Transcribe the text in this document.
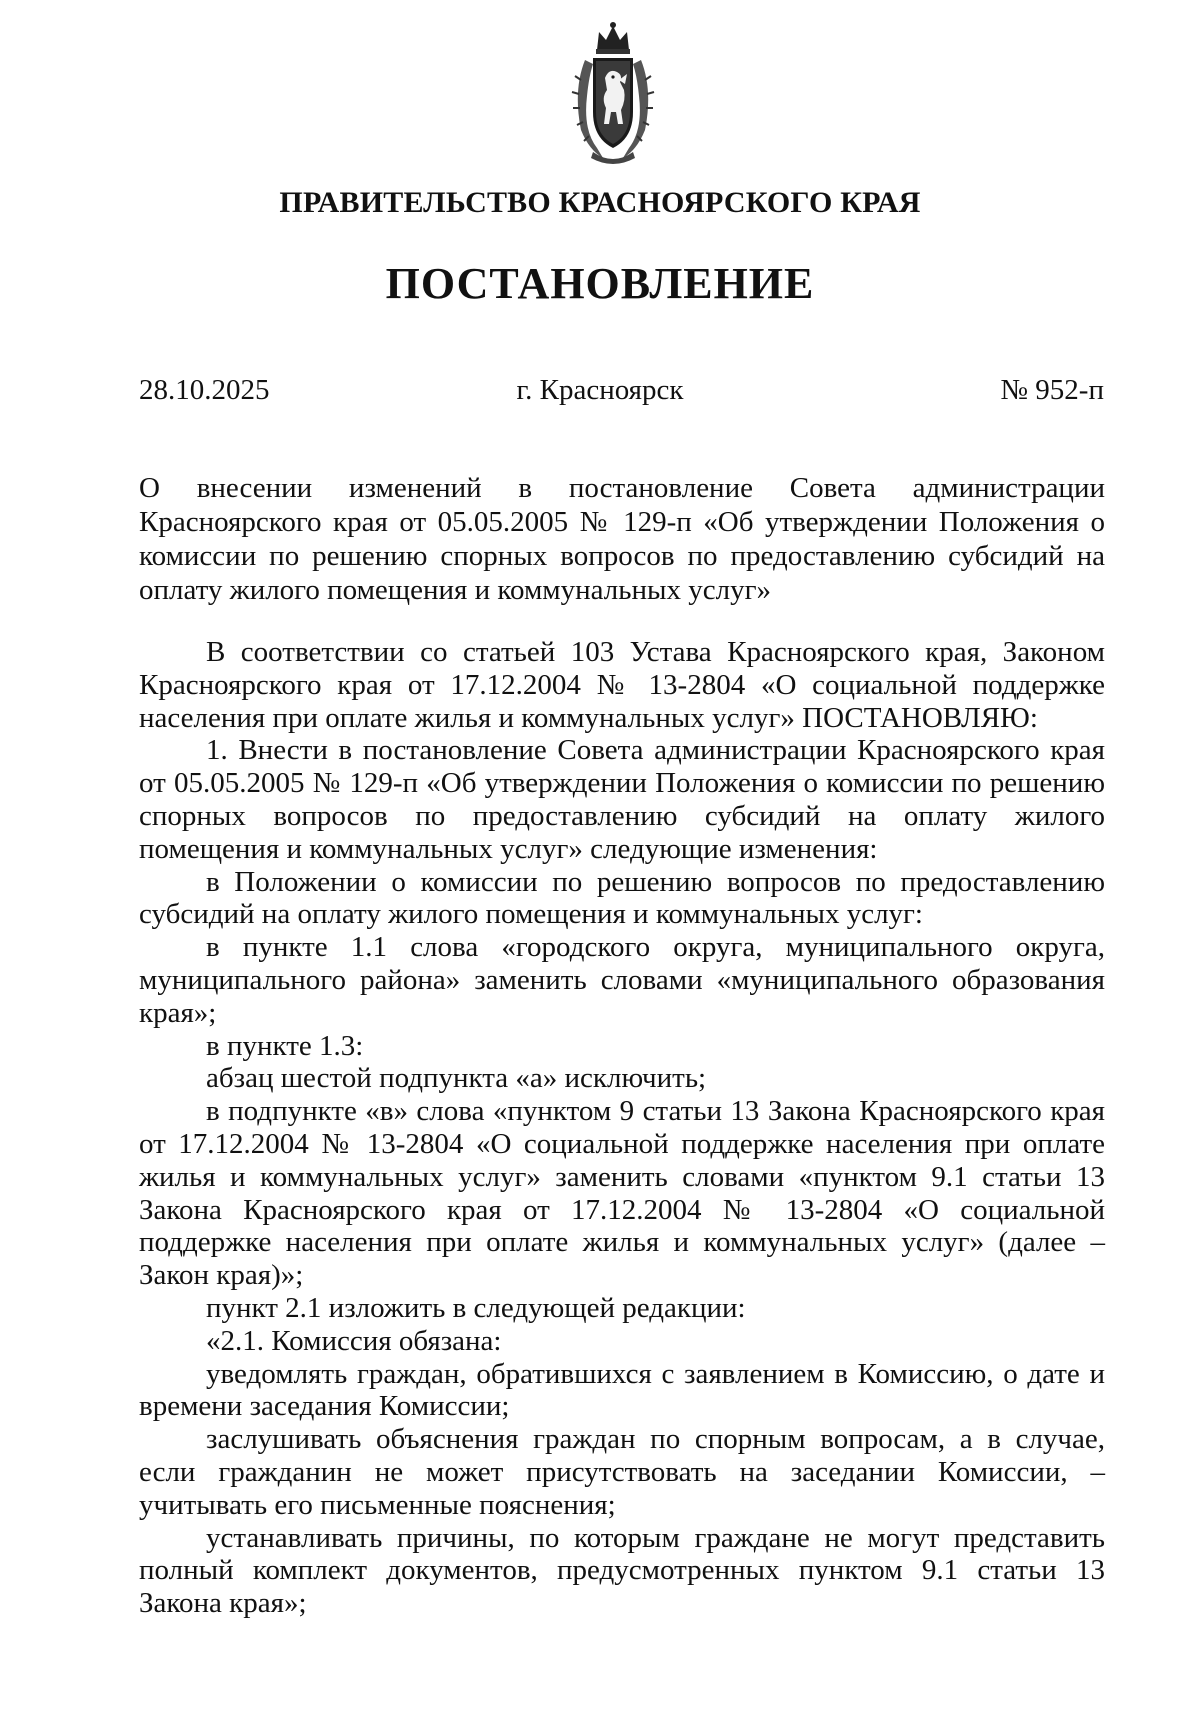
ПРАВИТЕЛЬСТВО КРАСНОЯРСКОГО КРАЯ
ПОСТАНОВЛЕНИЕ
28.10.2025	г. Красноярск	№ 952-п
О внесении изменений в постановление Совета администрации Красноярского края от 05.05.2005 № 129-п «Об утверждении Положения о комиссии по решению спорных вопросов по предоставлению субсидий на оплату жилого помещения и коммунальных услуг»

В соответствии со статьей 103 Устава Красноярского края, Законом Красноярского края от 17.12.2004 № 13-2804 «О социальной поддержке населения при оплате жилья и коммунальных услуг» ПОСТАНОВЛЯЮ:

1. Внести в постановление Совета администрации Красноярского края от 05.05.2005 № 129-п «Об утверждении Положения о комиссии по решению спорных вопросов по предоставлению субсидий на оплату жилого помещения и коммунальных услуг» следующие изменения:

в Положении о комиссии по решению вопросов по предоставлению субсидий на оплату жилого помещения и коммунальных услуг:

в пункте 1.1 слова «городского округа, муниципального округа, муниципального района» заменить словами «муниципального образования края»;

в пункте 1.3:

абзац шестой подпункта «а» исключить;

в подпункте «в» слова «пунктом 9 статьи 13 Закона Красноярского края от 17.12.2004 № 13-2804 «О социальной поддержке населения при оплате жилья и коммунальных услуг» заменить словами «пунктом 9.1 статьи 13 Закона Красноярского края от 17.12.2004 № 13-2804 «О социальной поддержке населения при оплате жилья и коммунальных услуг» (далее – Закон края)»;

пункт 2.1 изложить в следующей редакции:

«2.1. Комиссия обязана:

уведомлять граждан, обратившихся с заявлением в Комиссию, о дате и времени заседания Комиссии;

заслушивать объяснения граждан по спорным вопросам, а в случае, если гражданин не может присутствовать на заседании Комиссии, – учитывать его письменные пояснения;

устанавливать причины, по которым граждане не могут представить полный комплект документов, предусмотренных пунктом 9.1 статьи 13 Закона края»;
